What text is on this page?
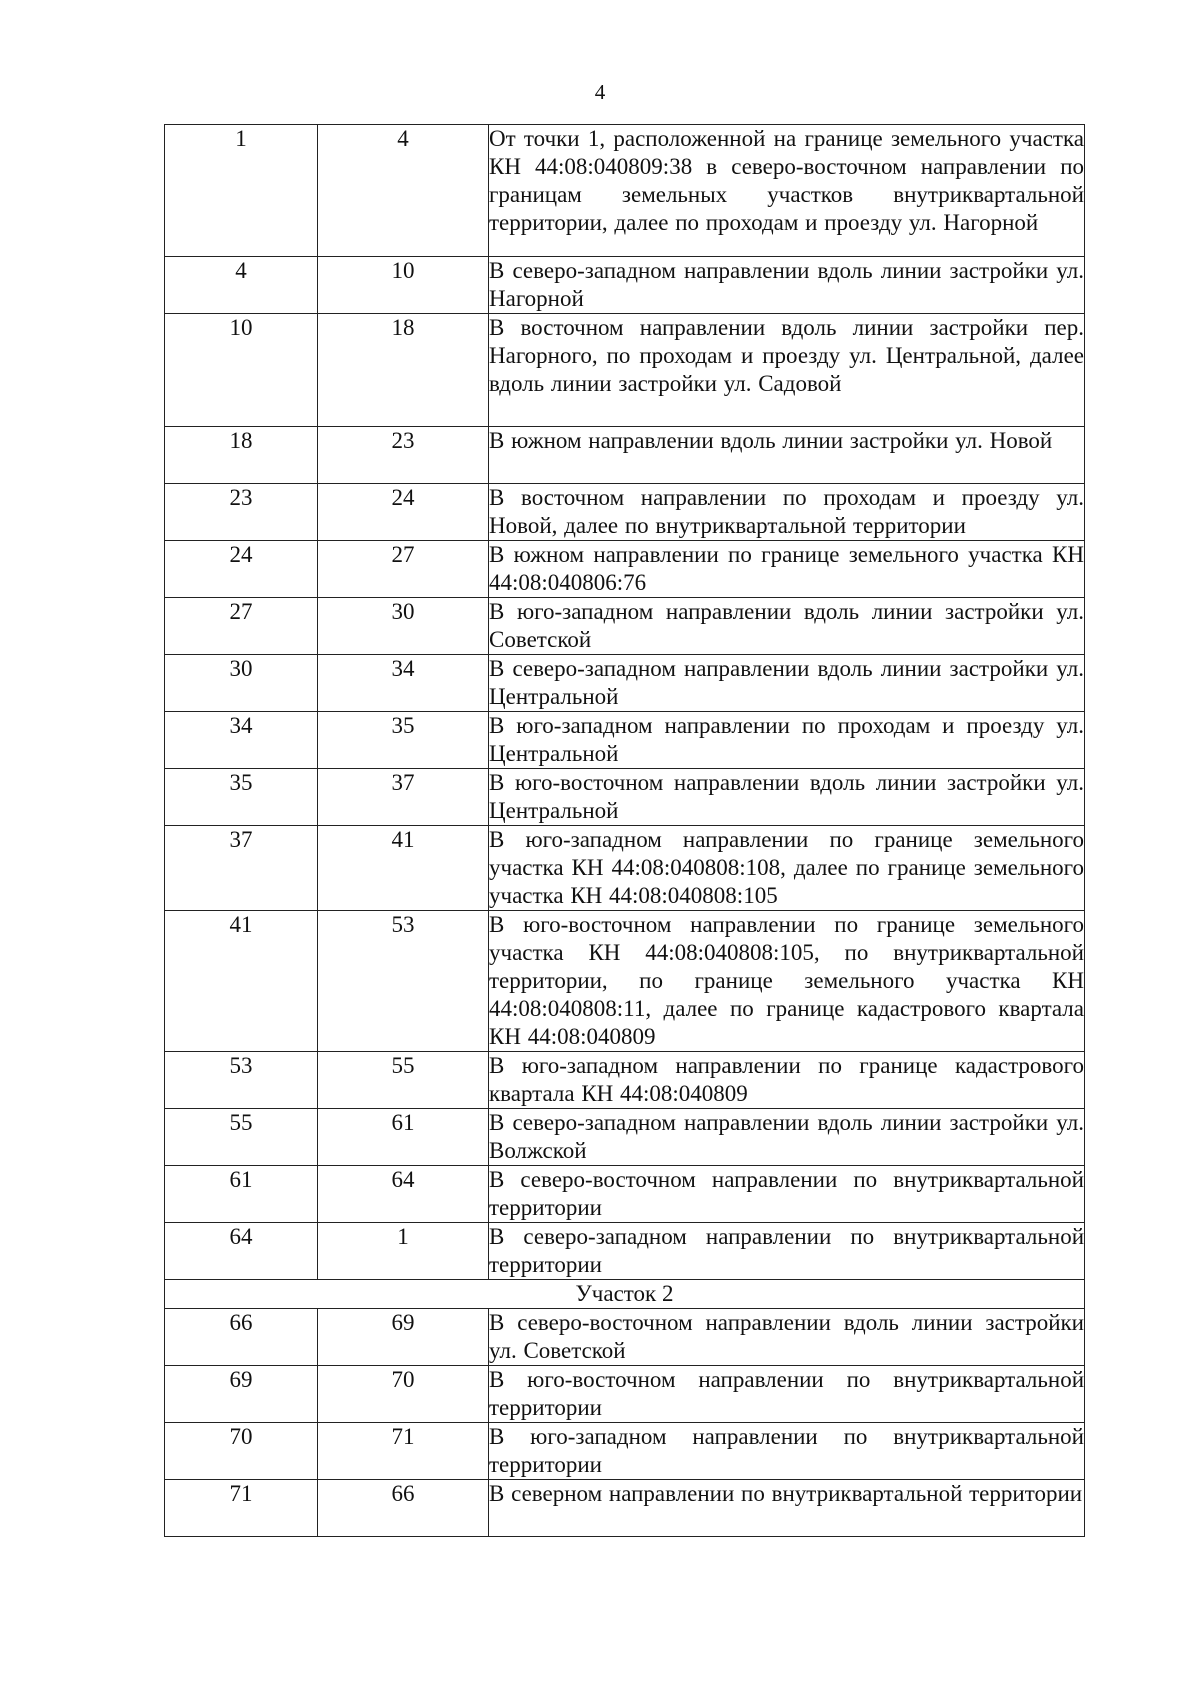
4
1	4	От точки 1, расположенной на границе земельного участка КН 44:08:040809:38 в северо-восточном направлении по границам земельных участков внутриквартальной территории, далее по проходам и проезду ул. Нагорной
4	10	В северо-западном направлении вдоль линии застройки ул. Нагорной
10	18	В восточном направлении вдоль линии застройки пер. Нагорного, по проходам и проезду ул. Центральной, далее вдоль линии застройки ул. Садовой
18	23	В южном направлении вдоль линии застройки ул. Новой
23	24	В восточном направлении по проходам и проезду ул. Новой, далее по внутриквартальной территории
24	27	В южном направлении по границе земельного участка КН 44:08:040806:76
27	30	В юго-западном направлении вдоль линии застройки ул. Советской
30	34	В северо-западном направлении вдоль линии застройки ул. Центральной
34	35	В юго-западном направлении по проходам и проезду ул. Центральной
35	37	В юго-восточном направлении вдоль линии застройки ул. Центральной
37	41	В юго-западном направлении по границе земельного участка КН 44:08:040808:108, далее по границе земельного участка КН 44:08:040808:105
41	53	В юго-восточном направлении по границе земельного участка КН 44:08:040808:105, по внутриквартальной территории, по границе земельного участка КН 44:08:040808:11, далее по границе кадастрового квартала КН 44:08:040809
53	55	В юго-западном направлении по границе кадастрового квартала КН 44:08:040809
55	61	В северо-западном направлении вдоль линии застройки ул. Волжской
61	64	В северо-восточном направлении по внутриквартальной территории
64	1	В северо-западном направлении по внутриквартальной территории
Участок 2		
66	69	В северо-восточном направлении вдоль линии застройки ул. Советской
69	70	В юго-восточном направлении по внутриквартальной территории
70	71	В юго-западном направлении по внутриквартальной территории
71	66	В северном направлении по внутриквартальной территории
